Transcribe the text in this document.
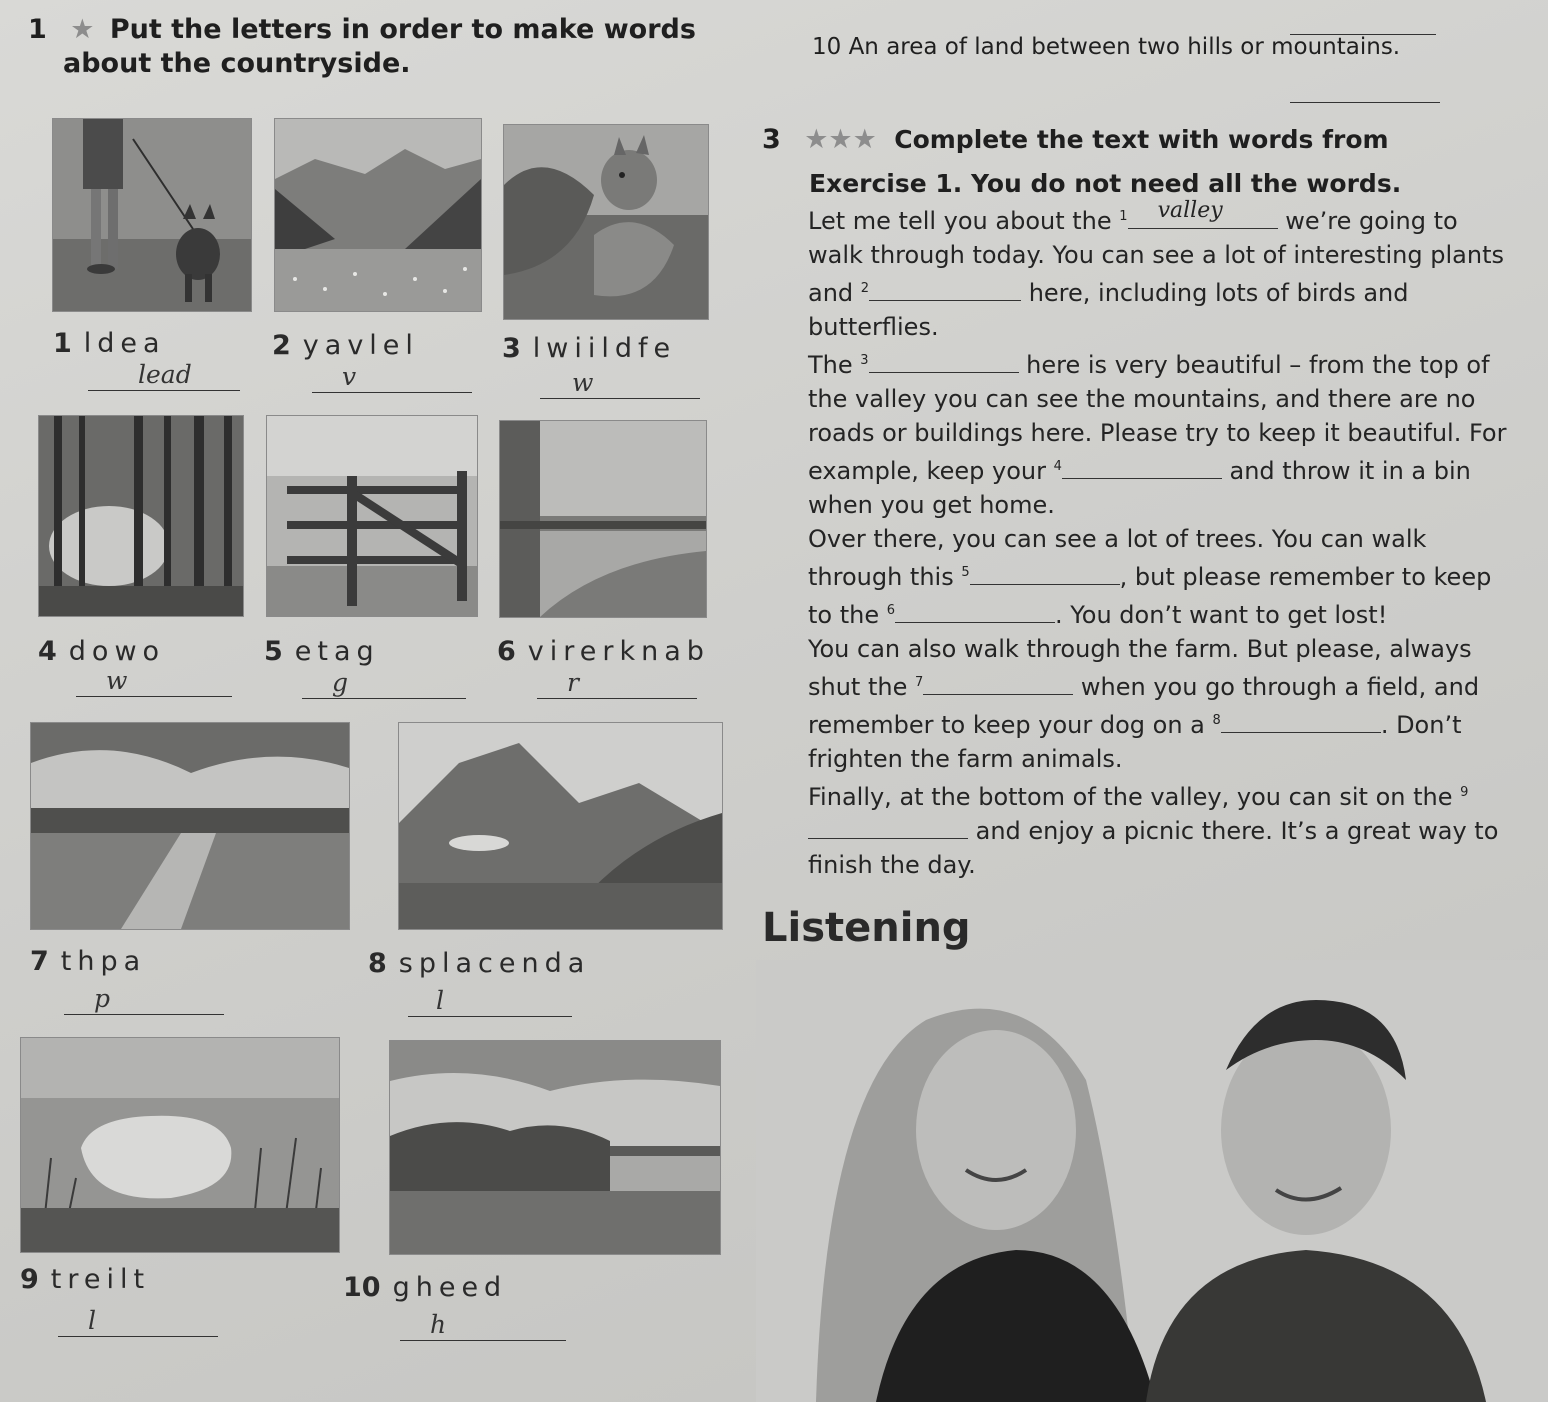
1 ★ Put the letters in order to make words
about the countryside.
10 An area of land between two hills or mountains.
1 ldea	2 yavlel	3 lwiildfe
lead	v	w
4 dowo	5 etag	6 virerknab
w	g	r
7 thpa	8 splacenda
p	l
9 treilt	10 gheed
l	h
3 ★★★ Complete the text with words from
Exercise 1. You do not need all the words.

Let me tell you about the $^1$ valley we’re going to walk through today. You can see a lot of interesting plants and $^2$	here, including lots of birds and butterflies.

The $^3$	here is very beautiful – from the top of the valley you can see the mountains, and there are no roads or buildings here. Please try to keep it beautiful. For example, keep your $^4$	and throw it in a bin when you get home.

Over there, you can see a lot of trees. You can walk through this $^5$	, but please remember to keep to the $^6$	. You don’t want to get lost!

You can also walk through the farm. But please, always shut the $^7$	when you go through a field, and remember to keep your dog on a $^8$	. Don’t frighten the farm animals.

Finally, at the bottom of the valley, you can sit on the $^9$ and enjoy a picnic there. It’s a great way to finish the day.

Listening
